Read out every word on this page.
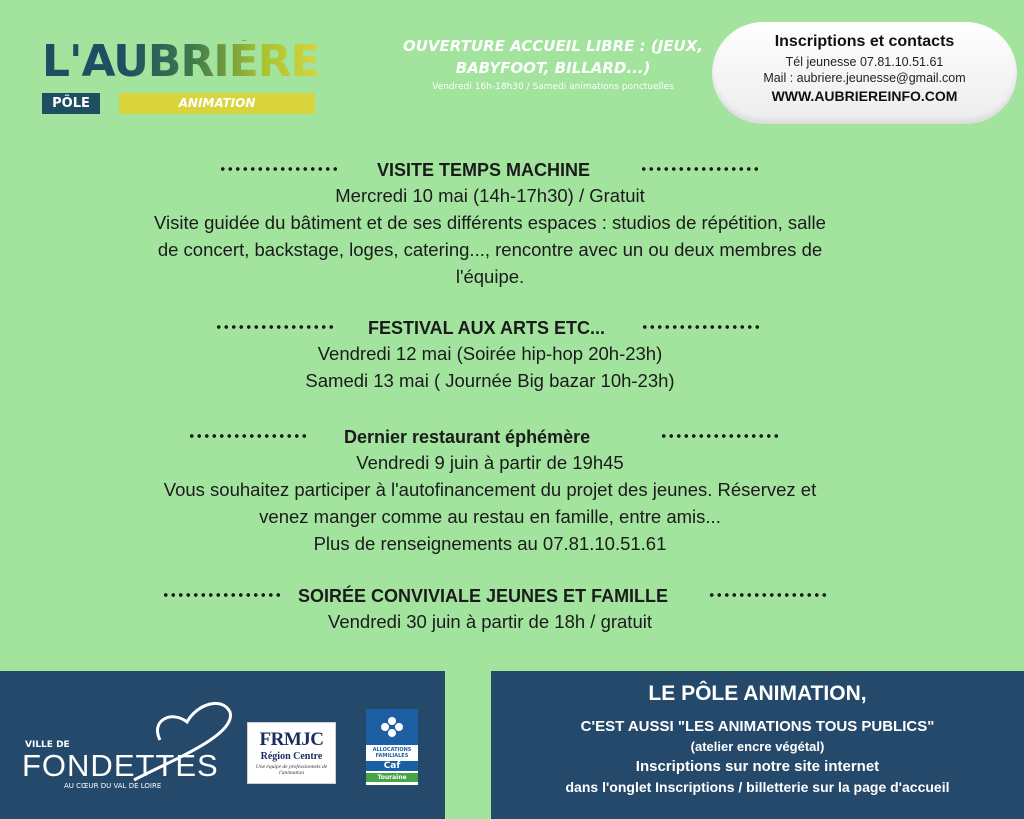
L'AUBRIÈRE
PÔLE	ANIMATION
OUVERTURE ACCUEIL LIBRE : (JEUX, BABYFOOT, BILLARD...)
Vendredi 16h-18h30 / Samedi animations ponctuelles
Inscriptions et contacts
Tél jeunesse 07.81.10.51.61
Mail : aubriere.jeunesse@gmail.com
WWW.AUBRIEREINFO.COM
VISITE TEMPS MACHINE
Mercredi 10 mai (14h-17h30) / Gratuit
Visite guidée du bâtiment et de ses différents espaces : studios de répétition, salle
de concert, backstage, loges, catering..., rencontre avec un ou deux membres de
l'équipe.
FESTIVAL AUX ARTS ETC...
Vendredi 12 mai (Soirée hip-hop 20h-23h)
Samedi 13 mai ( Journée Big bazar 10h-23h)
Dernier restaurant éphémère
Vendredi 9 juin à partir de 19h45
Vous souhaitez participer à l'autofinancement du projet des jeunes. Réservez et
venez manger comme au restau en famille, entre amis...
Plus de renseignements au 07.81.10.51.61
SOIRÉE CONVIVIALE JEUNES ET FAMILLE
Vendredi 30 juin à partir de 18h / gratuit
VILLE DE
FONDETTES
AU CŒUR DU VAL DE LOIRE
FRMJC
Région Centre
Une équipe de professionnels de l'animation
ALLOCATIONS FAMILIALES
Caf
Touraine
LE PÔLE ANIMATION,
C'EST AUSSI "LES ANIMATIONS TOUS PUBLICS"
(atelier encre végétal)
Inscriptions sur notre site internet
dans l'onglet Inscriptions / billetterie sur la page d'accueil
